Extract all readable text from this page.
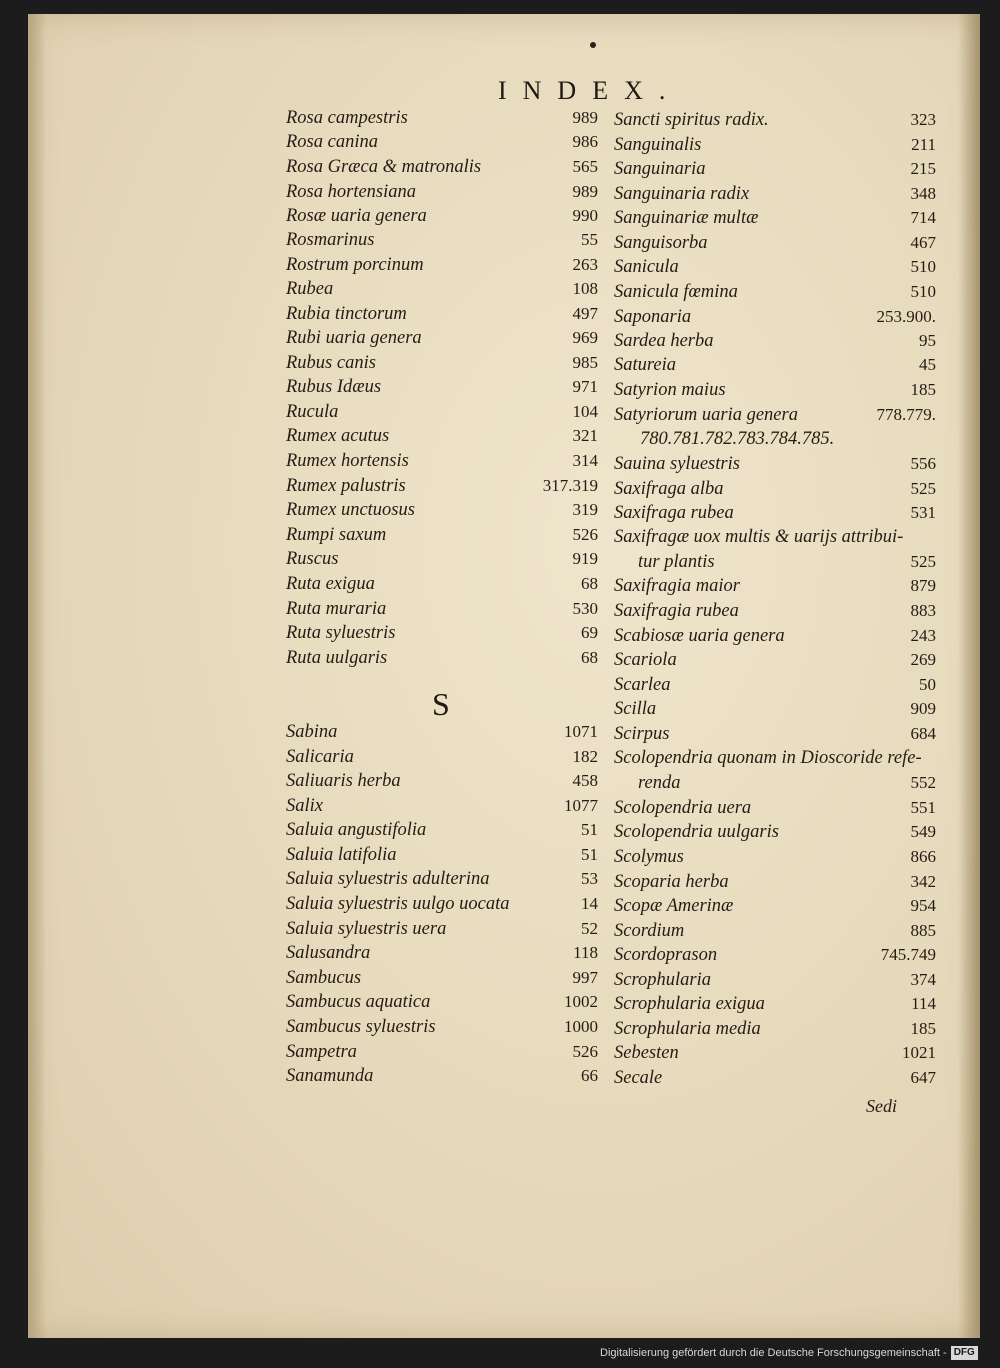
INDEX.
Rosa campestris	989
Rosa canina	986
Rosa Græca & matronalis	565
Rosa hortensiana	989
Rosæ uaria genera	990
Rosmarinus	55
Rostrum porcinum	263
Rubea	108
Rubia tinctorum	497
Rubi uaria genera	969
Rubus canis	985
Rubus Idæus	971
Rucula	104
Rumex acutus	321
Rumex hortensis	314
Rumex palustris	317.319
Rumex unctuosus	319
Rumpi saxum	526
Ruscus	919
Ruta exigua	68
Ruta muraria	530
Ruta syluestris	69
Ruta uulgaris	68
Sabina	1071
Salicaria	182
Saliuaris herba	458
Salix	1077
Saluia angustifolia	51
Saluia latifolia	51
Saluia syluestris adulterina	53
Saluia syluestris uulgo uocata	14
Saluia syluestris uera	52
Salusandra	118
Sambucus	997
Sambucus aquatica	1002
Sambucus syluestris	1000
Sampetra	526
Sanamunda	66
S
Sancti spiritus radix.	323
Sanguinalis	211
Sanguinaria	215
Sanguinaria radix	348
Sanguinariæ multæ	714
Sanguisorba	467
Sanicula	510
Sanicula fœmina	510
Saponaria	253.900.
Sardea herba	95
Satureia	45
Satyrion maius	185
Satyriorum uaria genera	778.779.
780.781.782.783.784.785.
Sauina syluestris	556
Saxifraga alba	525
Saxifraga rubea	531
Saxifragæ uox multis & uarijs attribui-
tur plantis	525
Saxifragia maior	879
Saxifragia rubea	883
Scabiosæ uaria genera	243
Scariola	269
Scarlea	50
Scilla	909
Scirpus	684
Scolopendria quonam in Dioscoride refe-
renda	552
Scolopendria uera	551
Scolopendria uulgaris	549
Scolymus	866
Scoparia herba	342
Scopæ Amerinæ	954
Scordium	885
Scordoprason	745.749
Scrophularia	374
Scrophularia exigua	114
Scrophularia media	185
Sebesten	1021
Secale	647
Sedi
Digitalisierung gefördert durch die Deutsche Forschungsgemeinschaft - DFG
